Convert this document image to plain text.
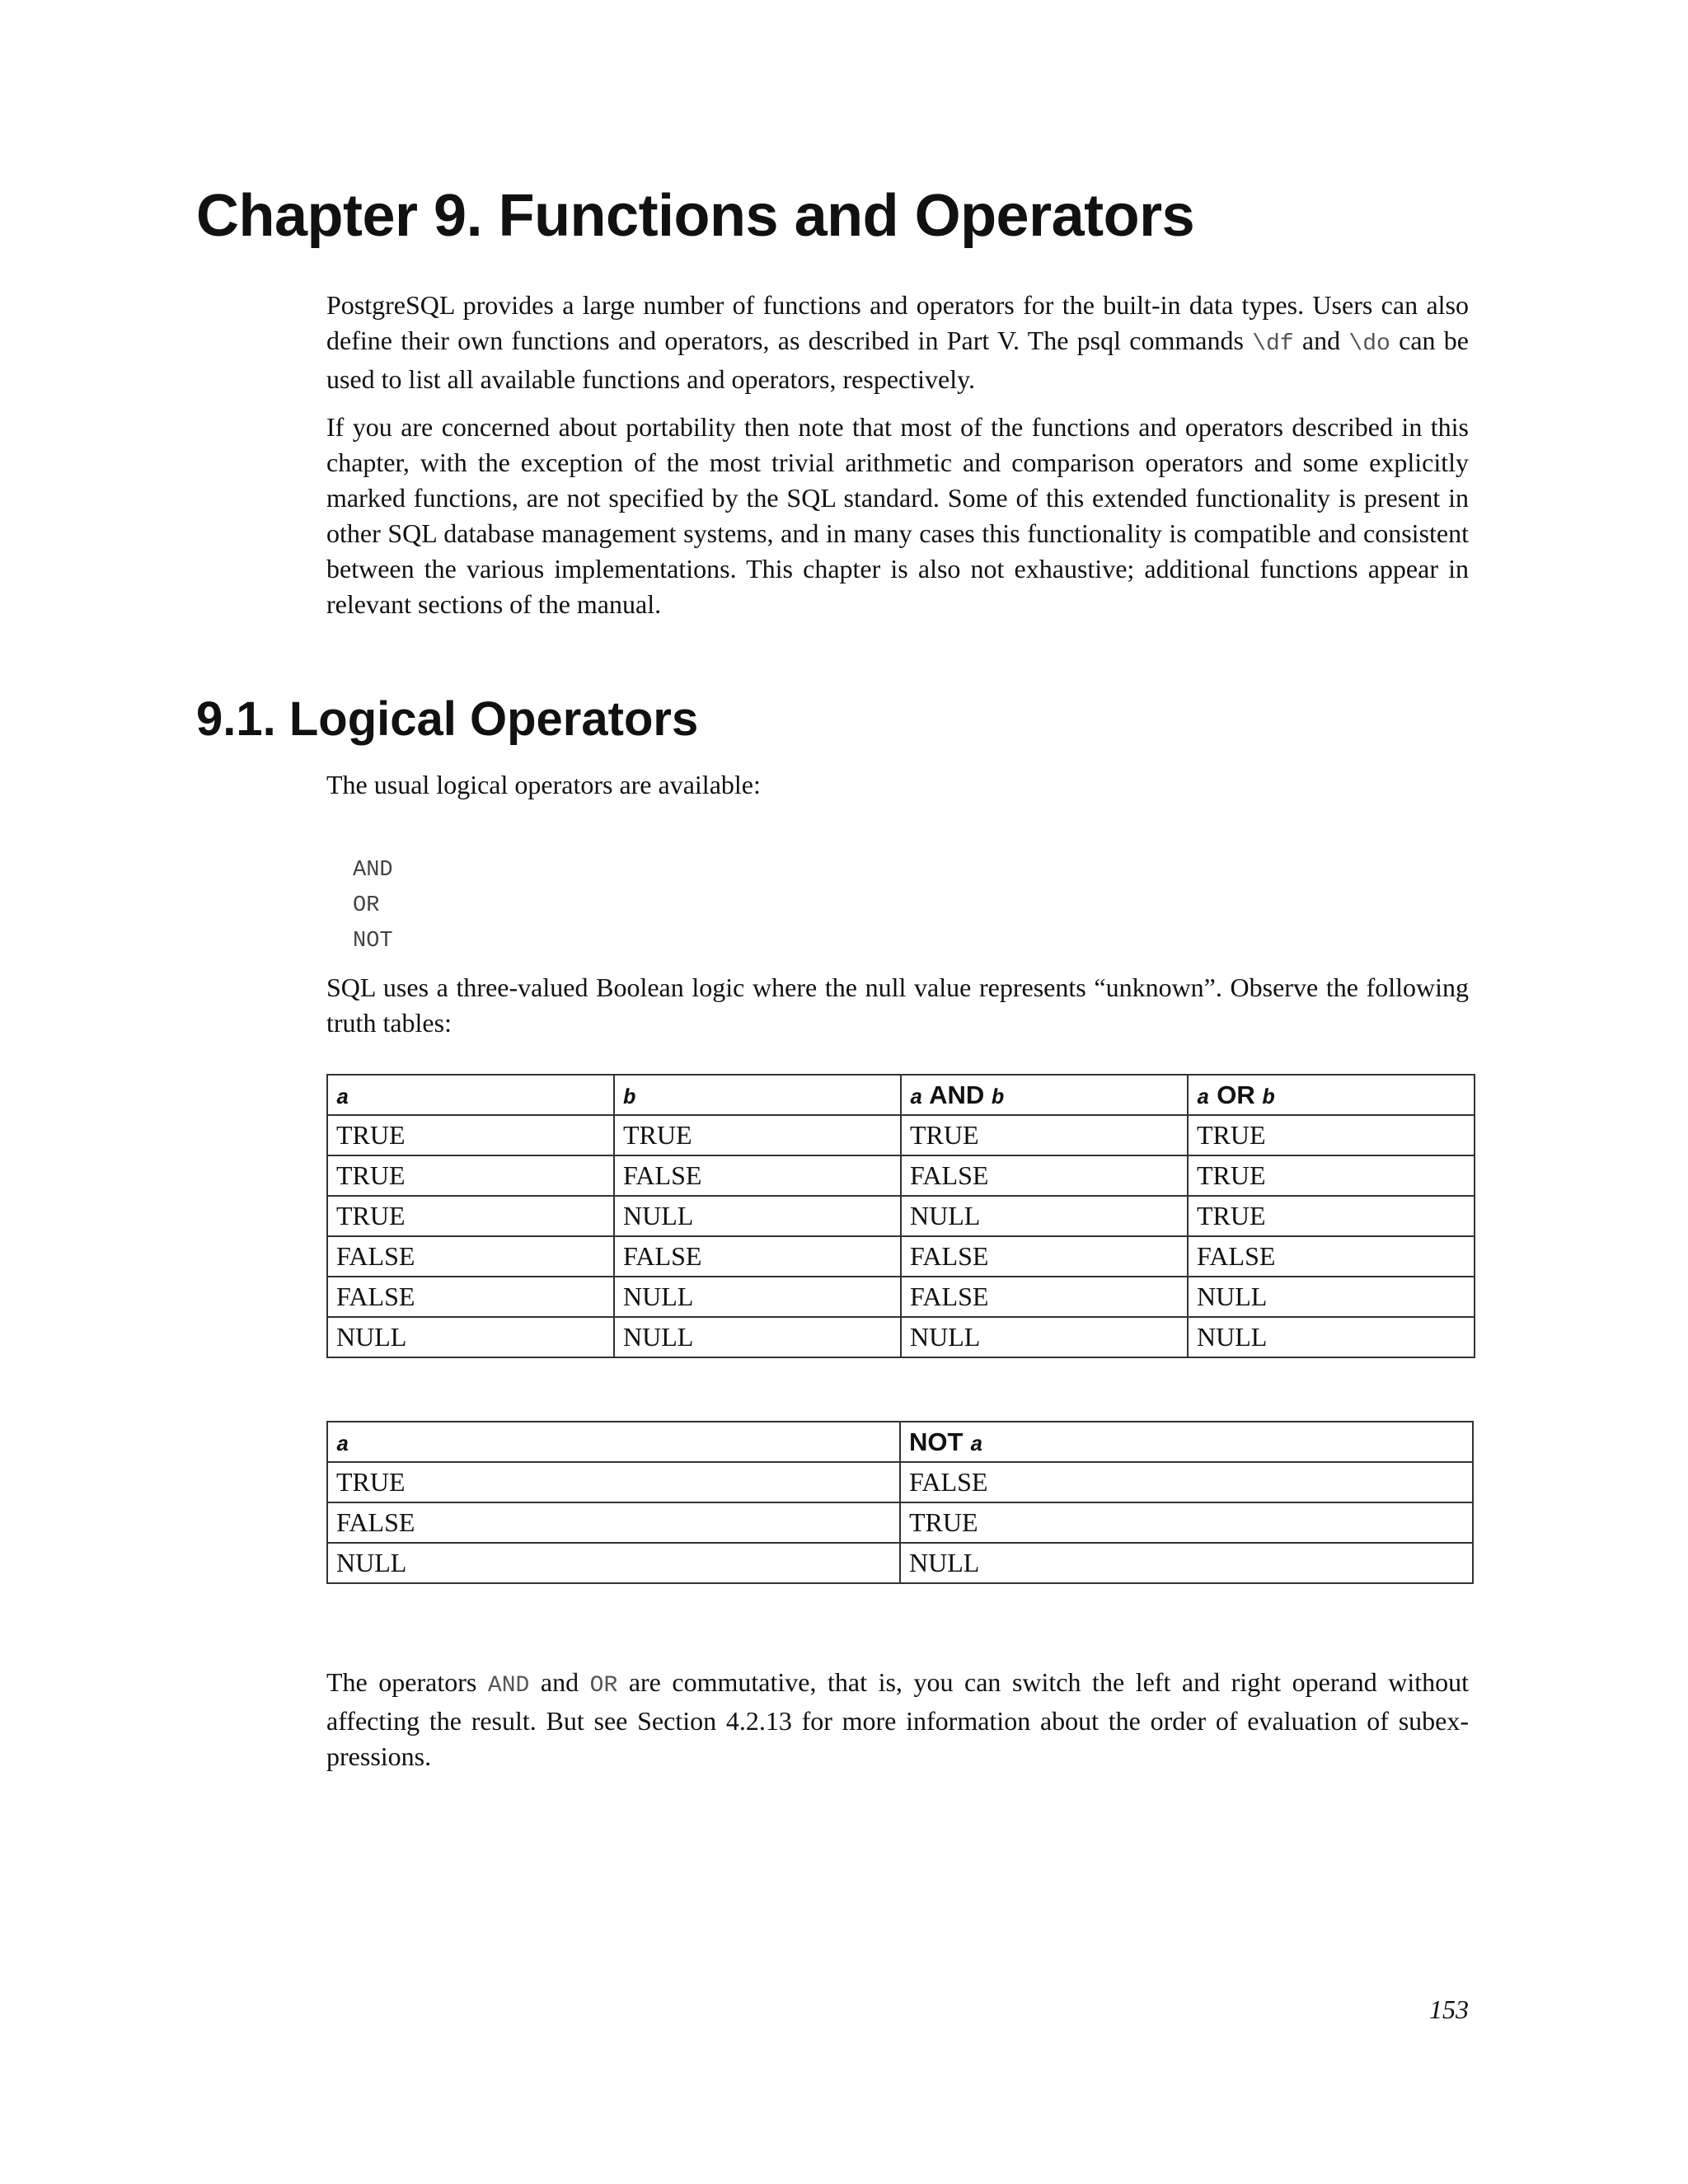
Chapter 9. Functions and Operators

PostgreSQL provides a large number of functions and operators for the built-in data types. Users can also define their own functions and operators, as described in Part V. The psql commands \df and \do can be used to list all available functions and operators, respectively.

If you are concerned about portability then note that most of the functions and operators described in this chapter, with the exception of the most trivial arithmetic and comparison operators and some explicitly marked functions, are not specified by the SQL standard. Some of this extended functionality is present in other SQL database management systems, and in many cases this functionality is compatible and consistent between the various implementations. This chapter is also not exhaustive; additional functions appear in relevant sections of the manual.

9.1. Logical Operators

The usual logical operators are available:

AND
OR
NOT

SQL uses a three-valued Boolean logic where the null value represents “unknown”. Observe the following truth tables:

a	b	a AND b	a OR b
TRUE	TRUE	TRUE	TRUE
TRUE	FALSE	FALSE	TRUE
TRUE	NULL	NULL	TRUE
FALSE	FALSE	FALSE	FALSE
FALSE	NULL	FALSE	NULL
NULL	NULL	NULL	NULL
a	NOT a
TRUE	FALSE
FALSE	TRUE
NULL	NULL

The operators AND and OR are commutative, that is, you can switch the left and right operand without affecting the result. But see Section 4.2.13 for more information about the order of evaluation of subexpressions.

153
